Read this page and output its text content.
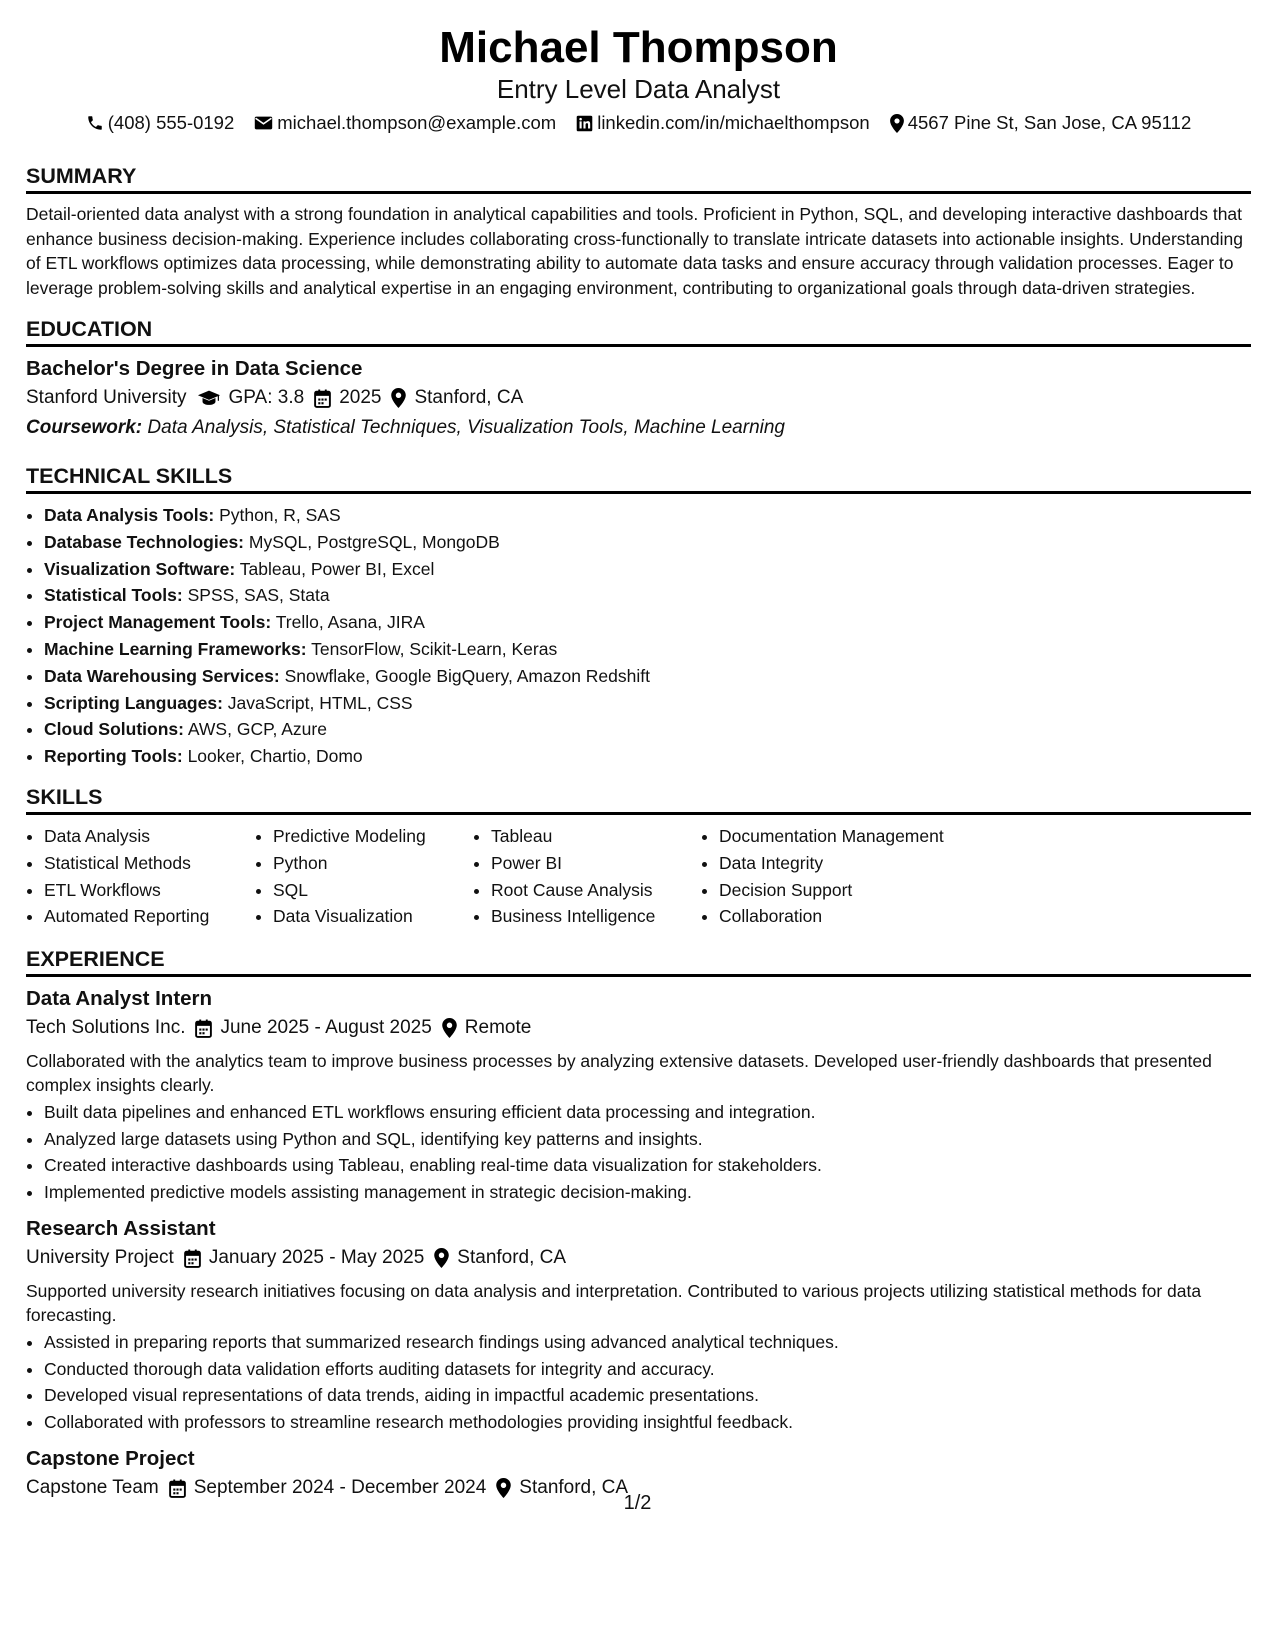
Michael Thompson
Entry Level Data Analyst
(408) 555-0192 michael.thompson@example.com linkedin.com/in/michaelthompson 4567 Pine St, San Jose, CA 95112
SUMMARY
Detail-oriented data analyst with a strong foundation in analytical capabilities and tools. Proficient in Python, SQL, and developing interactive dashboards that enhance business decision-making. Experience includes collaborating cross-functionally to translate intricate datasets into actionable insights. Understanding of ETL workflows optimizes data processing, while demonstrating ability to automate data tasks and ensure accuracy through validation processes. Eager to leverage problem-solving skills and analytical expertise in an engaging environment, contributing to organizational goals through data-driven strategies.
EDUCATION
Bachelor's Degree in Data Science
Stanford University GPA: 3.8 2025 Stanford, CA
Coursework: Data Analysis, Statistical Techniques, Visualization Tools, Machine Learning
TECHNICAL SKILLS
• Data Analysis Tools: Python, R, SAS
• Database Technologies: MySQL, PostgreSQL, MongoDB
• Visualization Software: Tableau, Power BI, Excel
• Statistical Tools: SPSS, SAS, Stata
• Project Management Tools: Trello, Asana, JIRA
• Machine Learning Frameworks: TensorFlow, Scikit-Learn, Keras
• Data Warehousing Services: Snowflake, Google BigQuery, Amazon Redshift
• Scripting Languages: JavaScript, HTML, CSS
• Cloud Solutions: AWS, GCP, Azure
• Reporting Tools: Looker, Chartio, Domo
SKILLS
• Data Analysis
• Statistical Methods
• ETL Workflows
• Automated Reporting
• Predictive Modeling
• Python
• SQL
• Data Visualization
• Tableau
• Power BI
• Root Cause Analysis
• Business Intelligence
• Documentation Management
• Data Integrity
• Decision Support
• Collaboration
EXPERIENCE
Data Analyst Intern
Tech Solutions Inc. June 2025 - August 2025 Remote
Collaborated with the analytics team to improve business processes by analyzing extensive datasets. Developed user-friendly dashboards that presented complex insights clearly.
• Built data pipelines and enhanced ETL workflows ensuring efficient data processing and integration.
• Analyzed large datasets using Python and SQL, identifying key patterns and insights.
• Created interactive dashboards using Tableau, enabling real-time data visualization for stakeholders.
• Implemented predictive models assisting management in strategic decision-making.
Research Assistant
University Project January 2025 - May 2025 Stanford, CA
Supported university research initiatives focusing on data analysis and interpretation. Contributed to various projects utilizing statistical methods for data forecasting.
• Assisted in preparing reports that summarized research findings using advanced analytical techniques.
• Conducted thorough data validation efforts auditing datasets for integrity and accuracy.
• Developed visual representations of data trends, aiding in impactful academic presentations.
• Collaborated with professors to streamline research methodologies providing insightful feedback.
Capstone Project
Capstone Team September 2024 - December 2024 Stanford, CA
1/2
